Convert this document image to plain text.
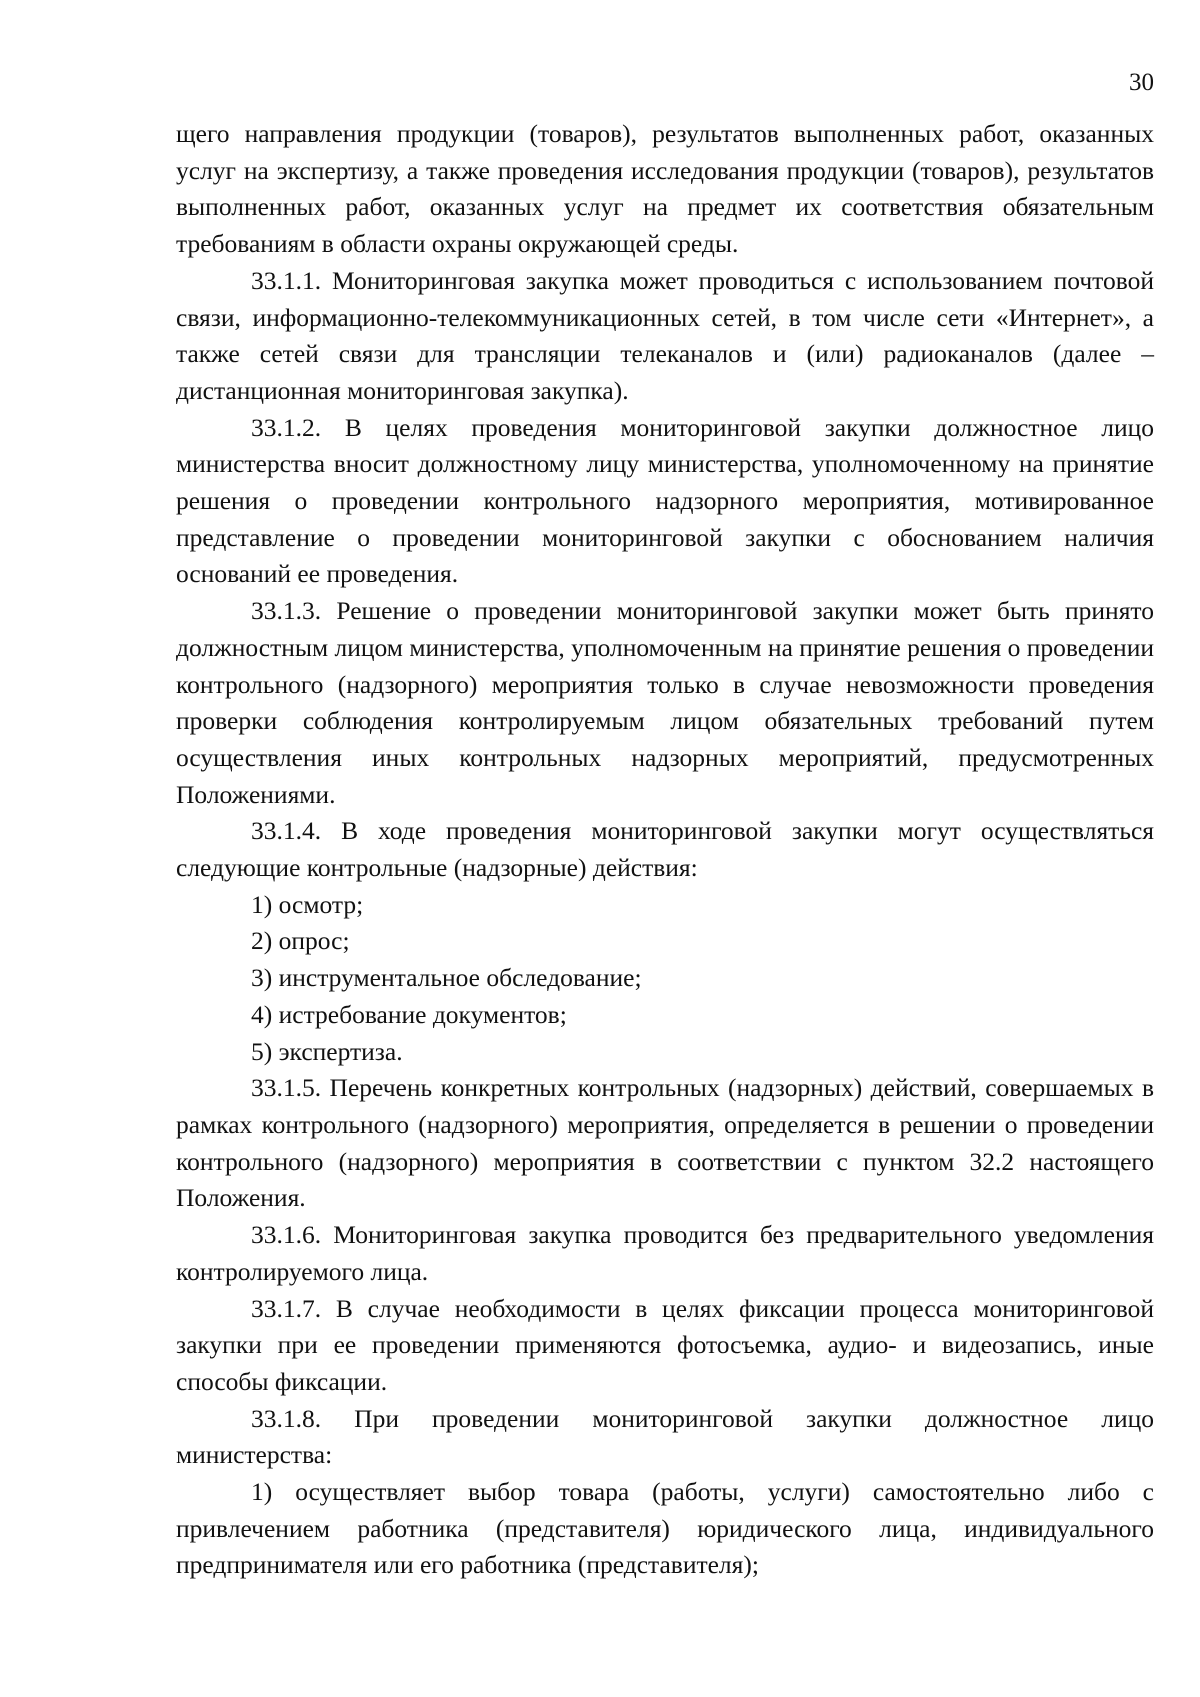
30

щего направления продукции (товаров), результатов выполненных работ, оказанных услуг на экспертизу, а также проведения исследования продукции (товаров), результатов выполненных работ, оказанных услуг на предмет их соответствия обязательным требованиям в области охраны окружающей среды.

33.1.1. Мониторинговая закупка может проводиться с использованием почтовой связи, информационно-телекоммуникационных сетей, в том числе сети «Интернет», а также сетей связи для трансляции телеканалов и (или) радиоканалов (далее – дистанционная мониторинговая закупка).

33.1.2. В целях проведения мониторинговой закупки должностное лицо министерства вносит должностному лицу министерства, уполномоченному на принятие решения о проведении контрольного надзорного мероприятия, мотивированное представление о проведении мониторинговой закупки с обоснованием наличия оснований ее проведения.

33.1.3. Решение о проведении мониторинговой закупки может быть принято должностным лицом министерства, уполномоченным на принятие решения о проведении контрольного (надзорного) мероприятия только в случае невозможности проведения проверки соблюдения контролируемым лицом обязательных требований путем осуществления иных контрольных надзорных мероприятий, предусмотренных Положениями.

33.1.4. В ходе проведения мониторинговой закупки могут осуществляться следующие контрольные (надзорные) действия:

1) осмотр;

2) опрос;

3) инструментальное обследование;

4) истребование документов;

5) экспертиза.

33.1.5. Перечень конкретных контрольных (надзорных) действий, совершаемых в рамках контрольного (надзорного) мероприятия, определяется в решении о проведении контрольного (надзорного) мероприятия в соответствии с пунктом 32.2 настоящего Положения.

33.1.6. Мониторинговая закупка проводится без предварительного уведомления контролируемого лица.

33.1.7. В случае необходимости в целях фиксации процесса мониторинговой закупки при ее проведении применяются фотосъемка, аудио- и видеозапись, иные способы фиксации.

33.1.8. При проведении мониторинговой закупки должностное лицо министерства:

1) осуществляет выбор товара (работы, услуги) самостоятельно либо с привлечением работника (представителя) юридического лица, индивидуального предпринимателя или его работника (представителя);
